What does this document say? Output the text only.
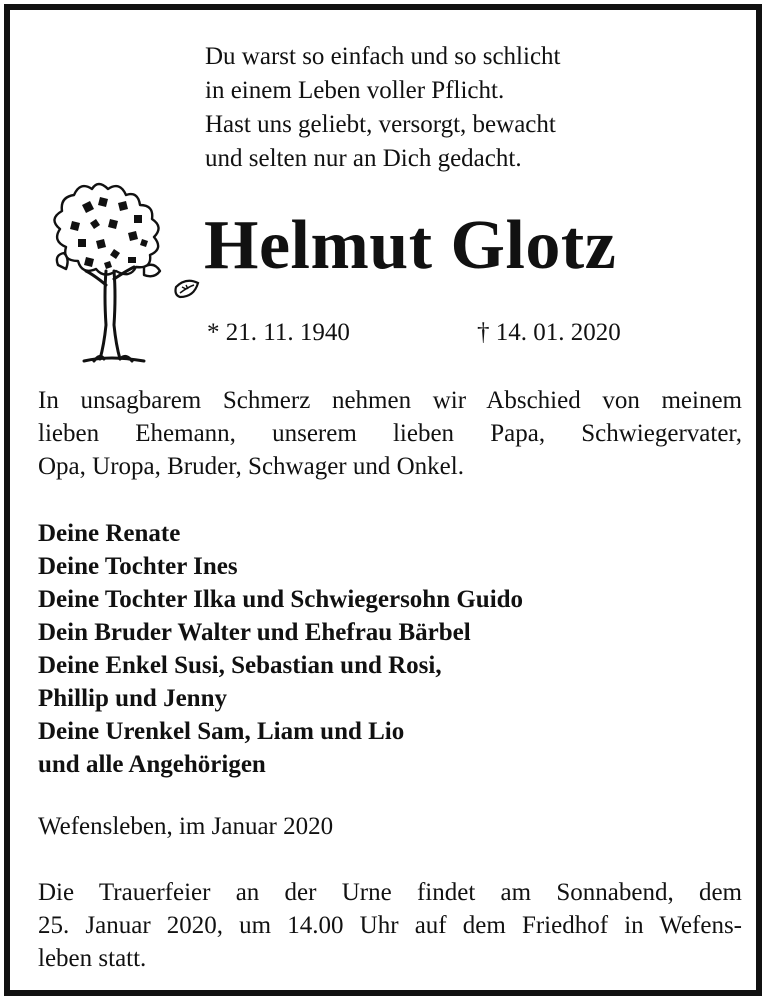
Du warst so einfach und so schlicht
in einem Leben voller Pflicht.
Hast uns geliebt, versorgt, bewacht
und selten nur an Dich gedacht.
Helmut Glotz
* 21. 11. 1940	† 14. 01. 2020
In unsagbarem Schmerz nehmen wir Abschied von meinem
lieben Ehemann, unserem lieben Papa, Schwiegervater,
Opa, Uropa, Bruder, Schwager und Onkel.
Deine Renate
Deine Tochter Ines
Deine Tochter Ilka und Schwiegersohn Guido
Dein Bruder Walter und Ehefrau Bärbel
Deine Enkel Susi, Sebastian und Rosi,
Phillip und Jenny
Deine Urenkel Sam, Liam und Lio
und alle Angehörigen
Wefensleben, im Januar 2020
Die Trauerfeier an der Urne findet am Sonnabend, dem
25. Januar 2020, um 14.00 Uhr auf dem Friedhof in Wefens-
leben statt.
